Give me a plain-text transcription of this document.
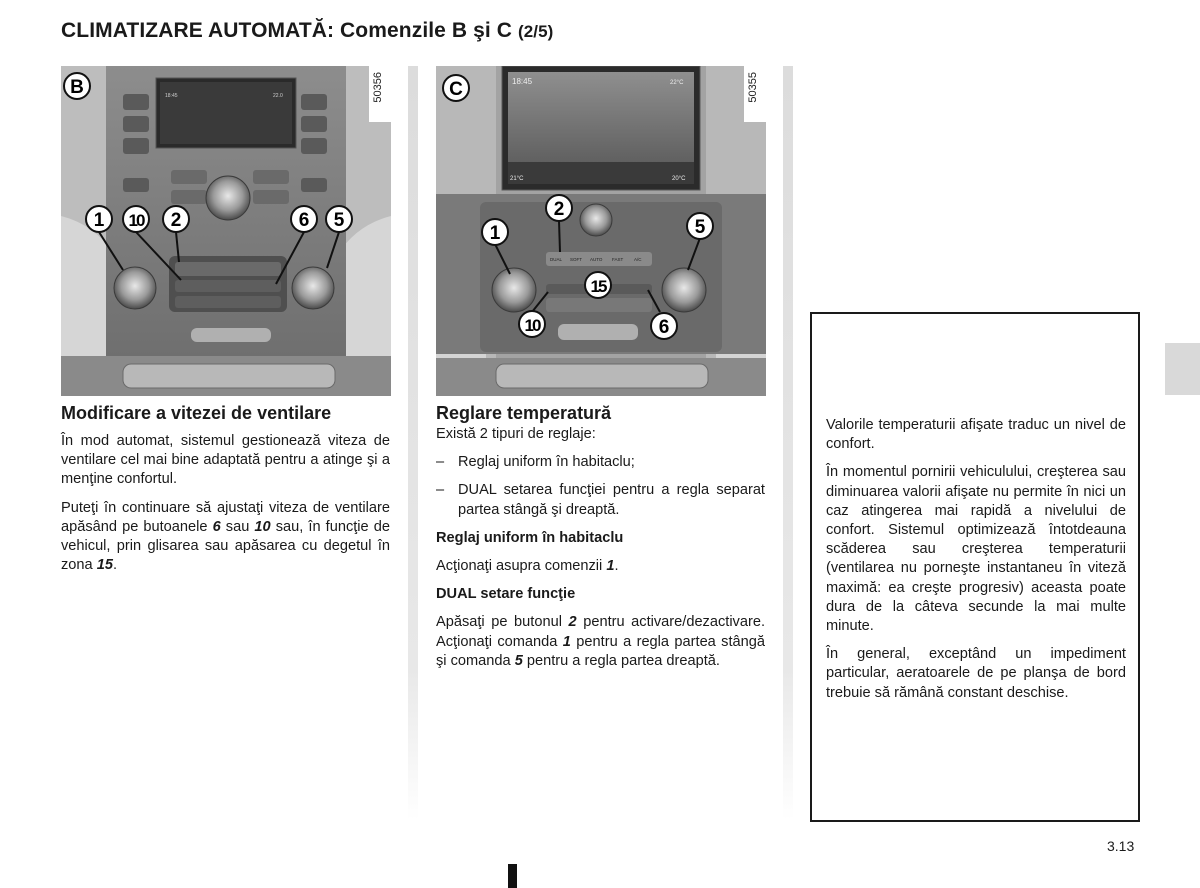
CLIMATIZARE AUTOMATĂ: Comenzile B şi C (2/5)
18:45	22.0
1 10 2	6 5
B	50356	18:45	22°C
21°C	20°C
DUAL SOFT AUTO FAST A/C
1
2
5
15
10	6
C	50355
Modificare a vitezei de ventilare

În mod automat, sistemul gestionează viteza de ventilare cel mai bine adaptată pentru a atinge şi a menţine confortul.

Puteţi în continuare să ajustaţi viteza de ventilare apăsând pe butoanele 6 sau 10 sau, în funcţie de vehicul, prin glisarea sau apăsarea cu degetul în zona 15.

Reglare temperatură

Există 2 tipuri de reglaje:

– Reglaj uniform în habitaclu;
– DUAL setarea funcţiei pentru a regla separat partea stângă şi dreaptă.

Reglaj uniform în habitaclu

Acţionaţi asupra comenzii 1.

DUAL setare funcţie

Apăsaţi pe butonul 2 pentru activare/dezactivare. Acţionaţi comanda 1 pentru a regla partea stângă şi comanda 5 pentru a regla partea dreaptă.

Valorile temperaturii afişate traduc un nivel de confort.

În momentul pornirii vehiculului, creşterea sau diminuarea valorii afişate nu permite în nici un caz atingerea mai rapidă a nivelului de confort. Sistemul optimizează întotdeauna scăderea sau creşterea temperaturii (ventilarea nu porneşte instantaneu în viteză maximă: ea creşte progresiv) aceasta poate dura de la câteva secunde la mai multe minute.

În general, exceptând un impediment particular, aeratoarele de pe planşa de bord trebuie să rămână constant deschise.

3.13
